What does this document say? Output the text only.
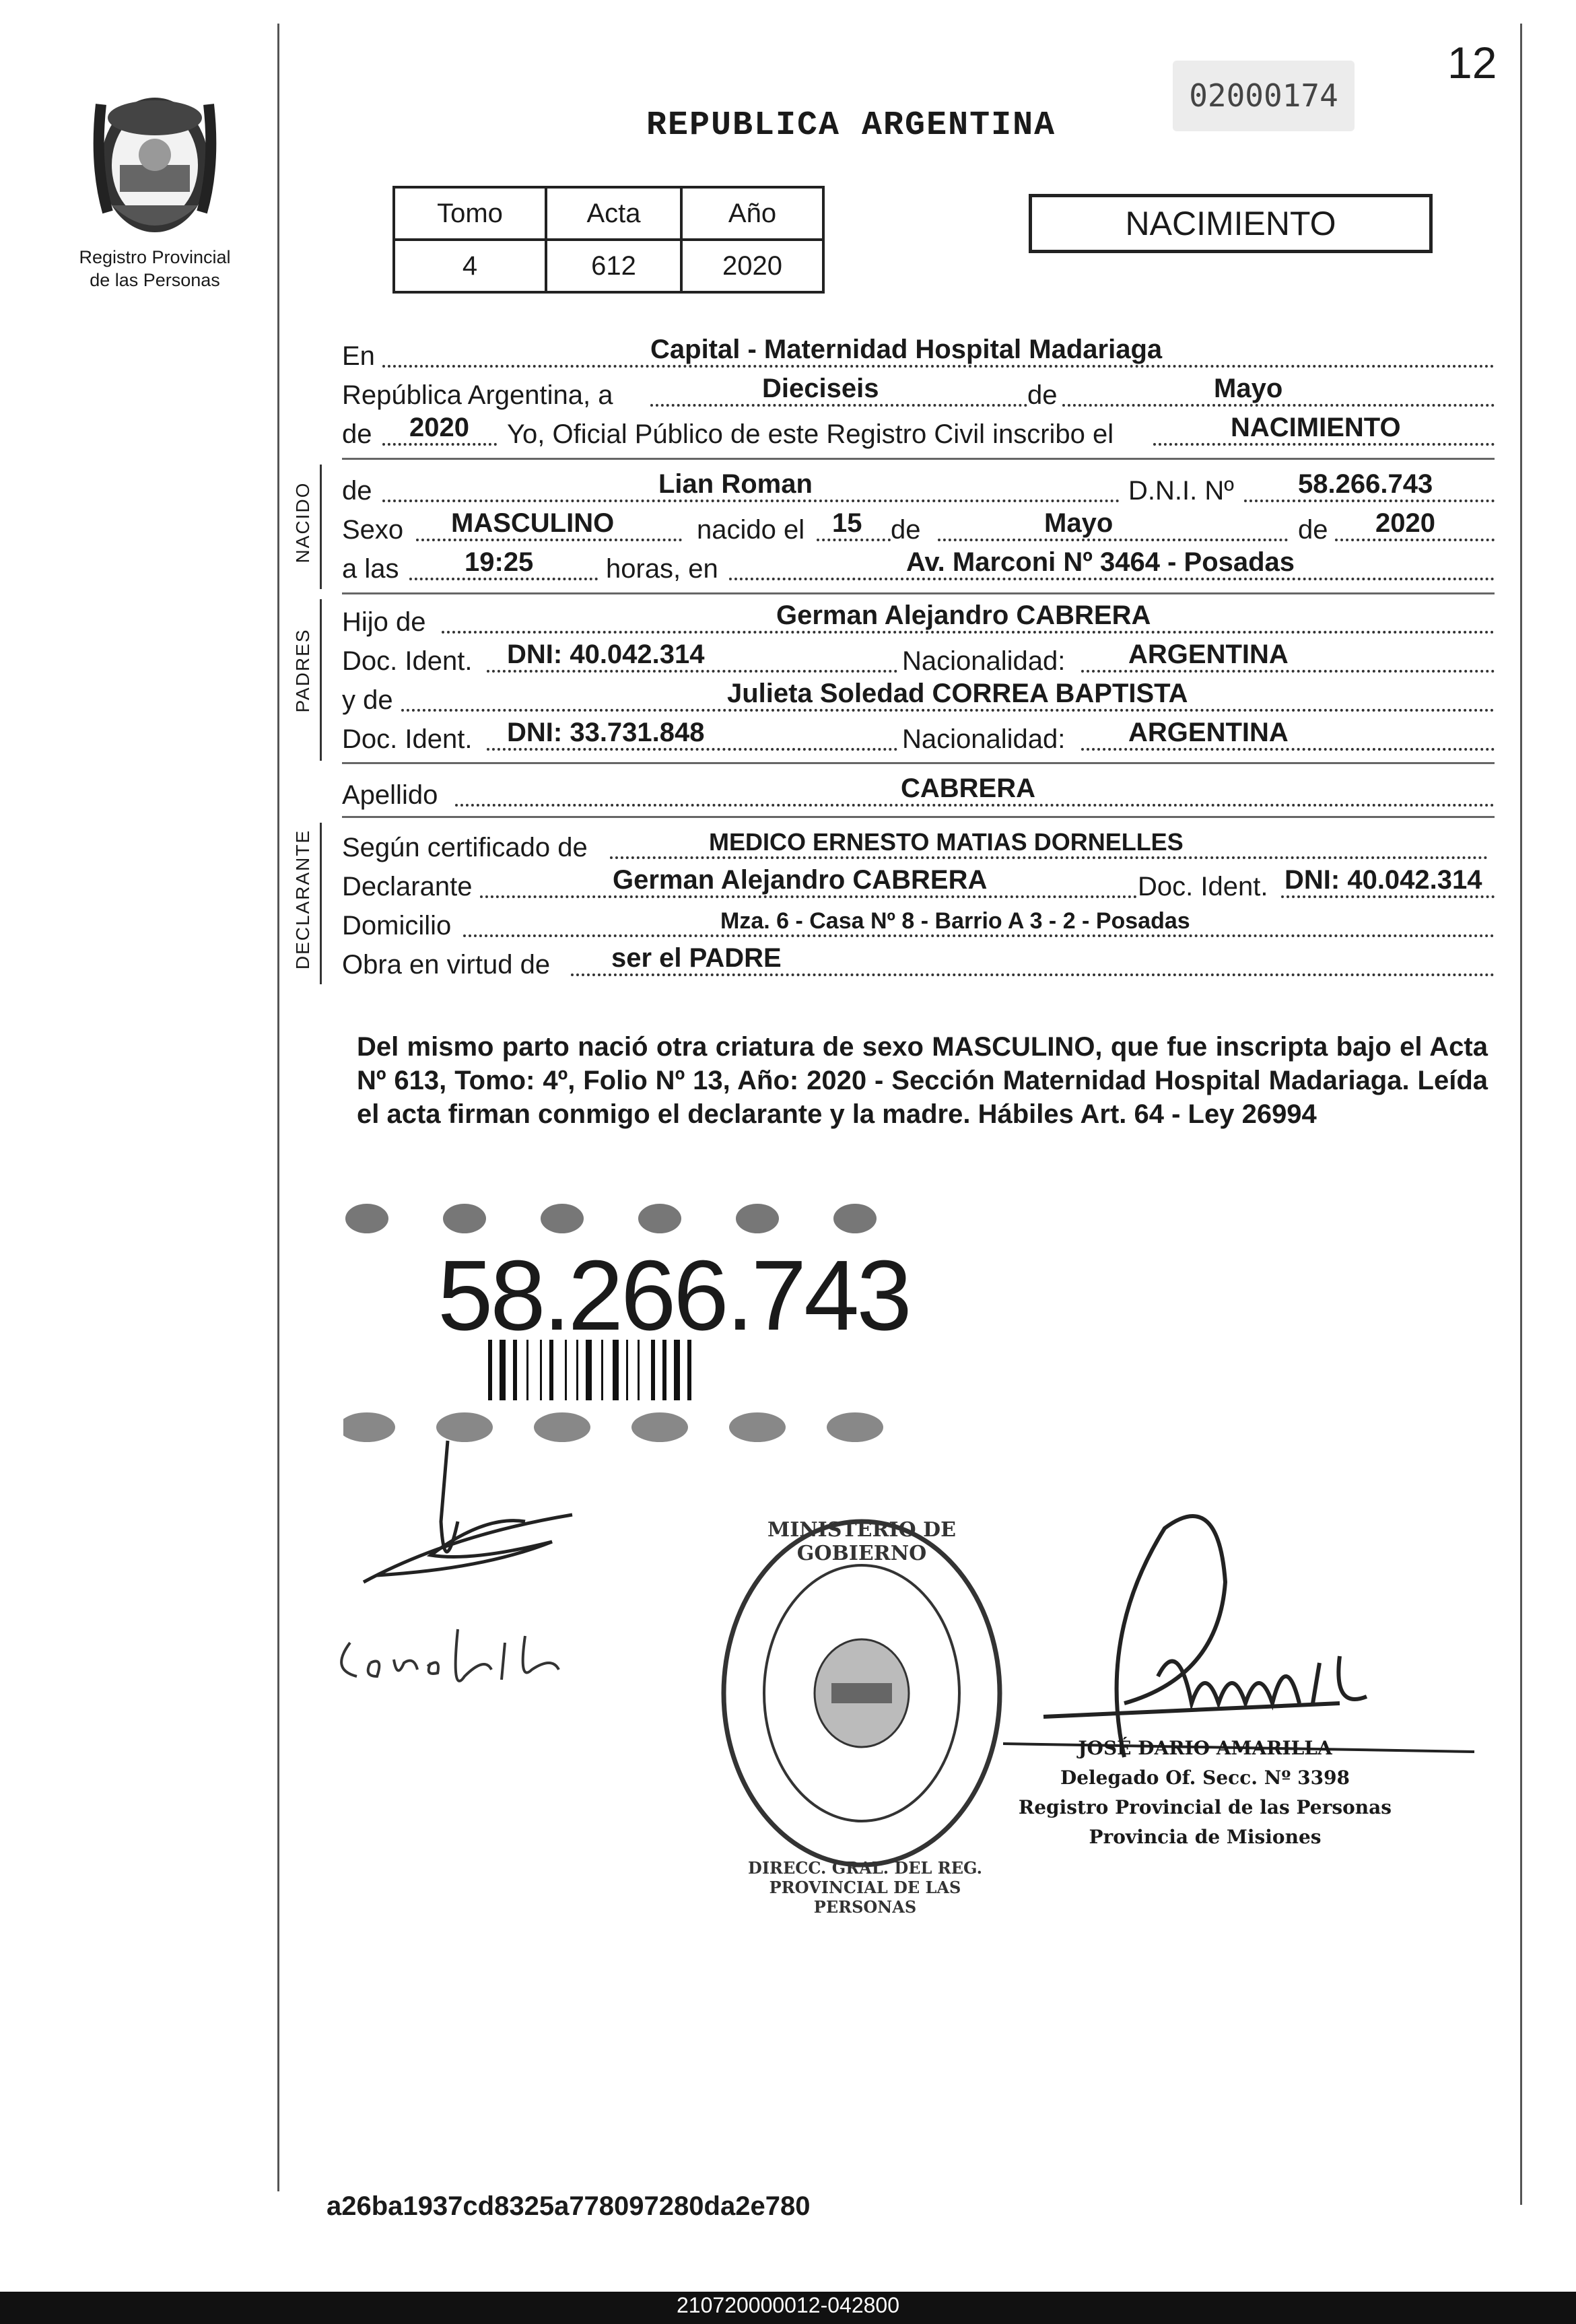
12
02000174
Registro Provincial
de las Personas
REPUBLICA ARGENTINA
Tomo	Acta	Año
4	612	2020
NACIMIENTO
En	Capital - Maternidad Hospital Madariaga
República Argentina, a	Dieciseis	de	Mayo
de 2020 Yo, Oficial Público de este Registro Civil inscribo el	NACIMIENTO
NACIDO de	Lian Roman	D.N.I. Nº 58.266.743
Sexo MASCULINO	nacido el 15 de	Mayo	de 2020
a las 19:25	horas, en	Av. Marconi Nº 3464 - Posadas
PADRES
Hijo de	German Alejandro CABRERA
Doc. Ident. DNI: 40.042.314	Nacionalidad: ARGENTINA
y de	Julieta Soledad CORREA BAPTISTA
Doc. Ident. DNI: 33.731.848	Nacionalidad: ARGENTINA
Apellido	CABRERA
DECLARANTE Según certificado de	MEDICO ERNESTO MATIAS DORNELLES
Declarante	German Alejandro CABRERA	Doc. Ident. DNI: 40.042.314
Domicilio	Mza. 6 - Casa Nº 8 - Barrio A 3 - 2 - Posadas
Obra en virtud de ser el PADRE
Del mismo parto nació otra criatura de sexo MASCULINO, que fue inscripta bajo el Acta Nº 613, Tomo: 4º, Folio Nº 13, Año: 2020 - Sección Maternidad Hospital Madariaga. Leída el acta firman conmigo el declarante y la madre. Hábiles Art. 64 - Ley 26994
58.266.743
MINISTERIO DE GOBIERNO
DIRECC. GRAL. DEL REG. PROVINCIAL DE LAS PERSONAS
JOSÉ DARIO AMARILLA
Delegado Of. Secc. Nº 3398
Registro Provincial de las Personas
Provincia de Misiones
a26ba1937cd8325a778097280da2e780
210720000012-042800
